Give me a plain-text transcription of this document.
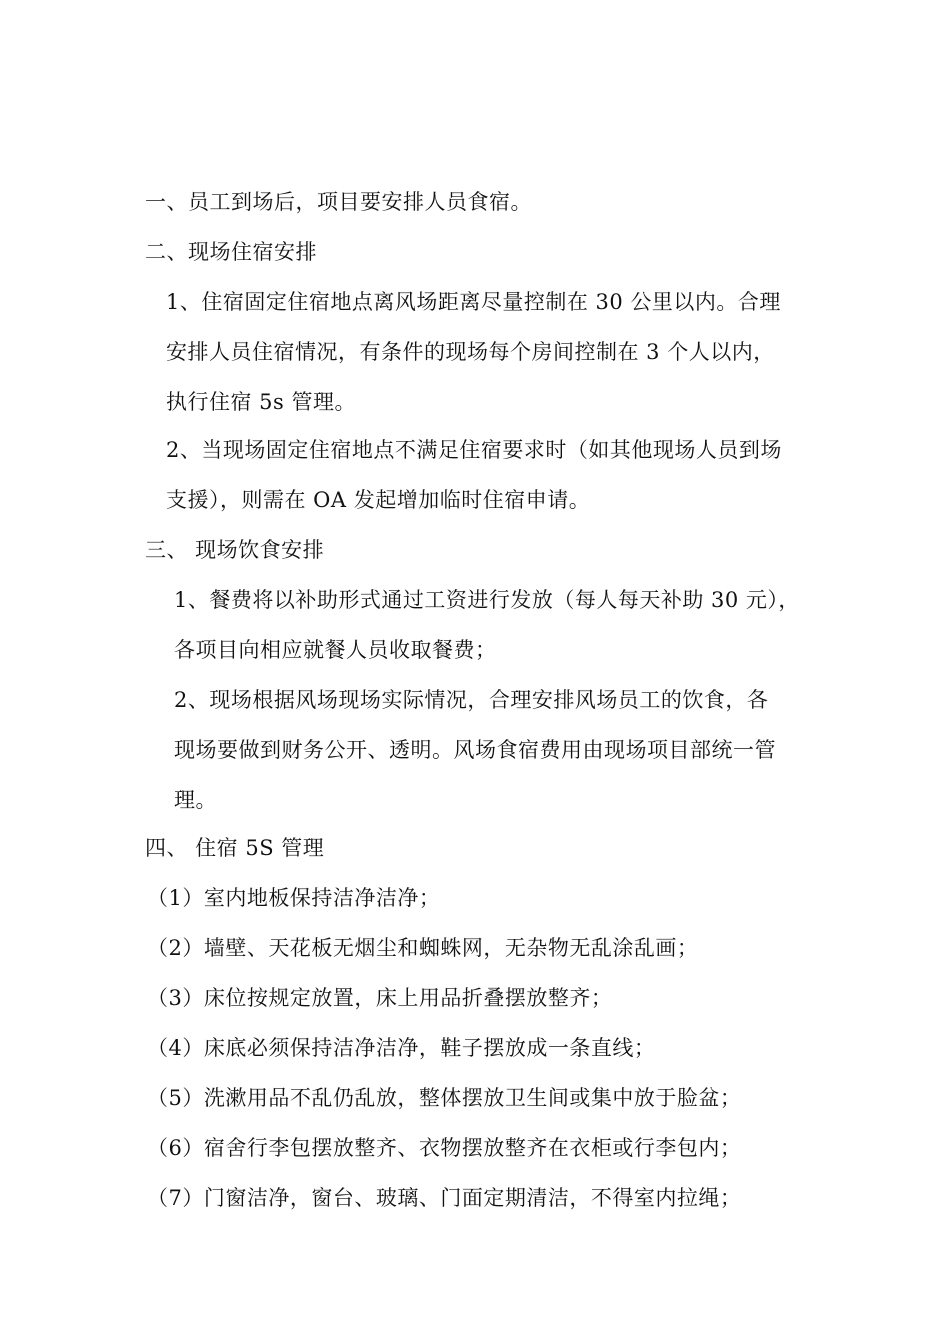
一、员工到场后，项目要安排人员食宿。
二、现场住宿安排
1、住宿固定住宿地点离风场距离尽量控制在 30 公里以内。合理
安排人员住宿情况，有条件的现场每个房间控制在 3 个人以内，
执行住宿 5s 管理。
2、当现场固定住宿地点不满足住宿要求时（如其他现场人员到场
支援），则需在 OA 发起增加临时住宿申请。
三、 现场饮食安排
1、餐费将以补助形式通过工资进行发放（每人每天补助 30 元），
各项目向相应就餐人员收取餐费；
2、现场根据风场现场实际情况，合理安排风场员工的饮食，各
现场要做到财务公开、透明。风场食宿费用由现场项目部统一管
理。
四、 住宿 5S 管理
（1）室内地板保持洁净洁净；
（2）墙壁、天花板无烟尘和蜘蛛网，无杂物无乱涂乱画；
（3）床位按规定放置，床上用品折叠摆放整齐；
（4）床底必须保持洁净洁净，鞋子摆放成一条直线；
（5）洗漱用品不乱仍乱放，整体摆放卫生间或集中放于脸盆；
（6）宿舍行李包摆放整齐、衣物摆放整齐在衣柜或行李包内；
（7）门窗洁净，窗台、玻璃、门面定期清洁，不得室内拉绳；
